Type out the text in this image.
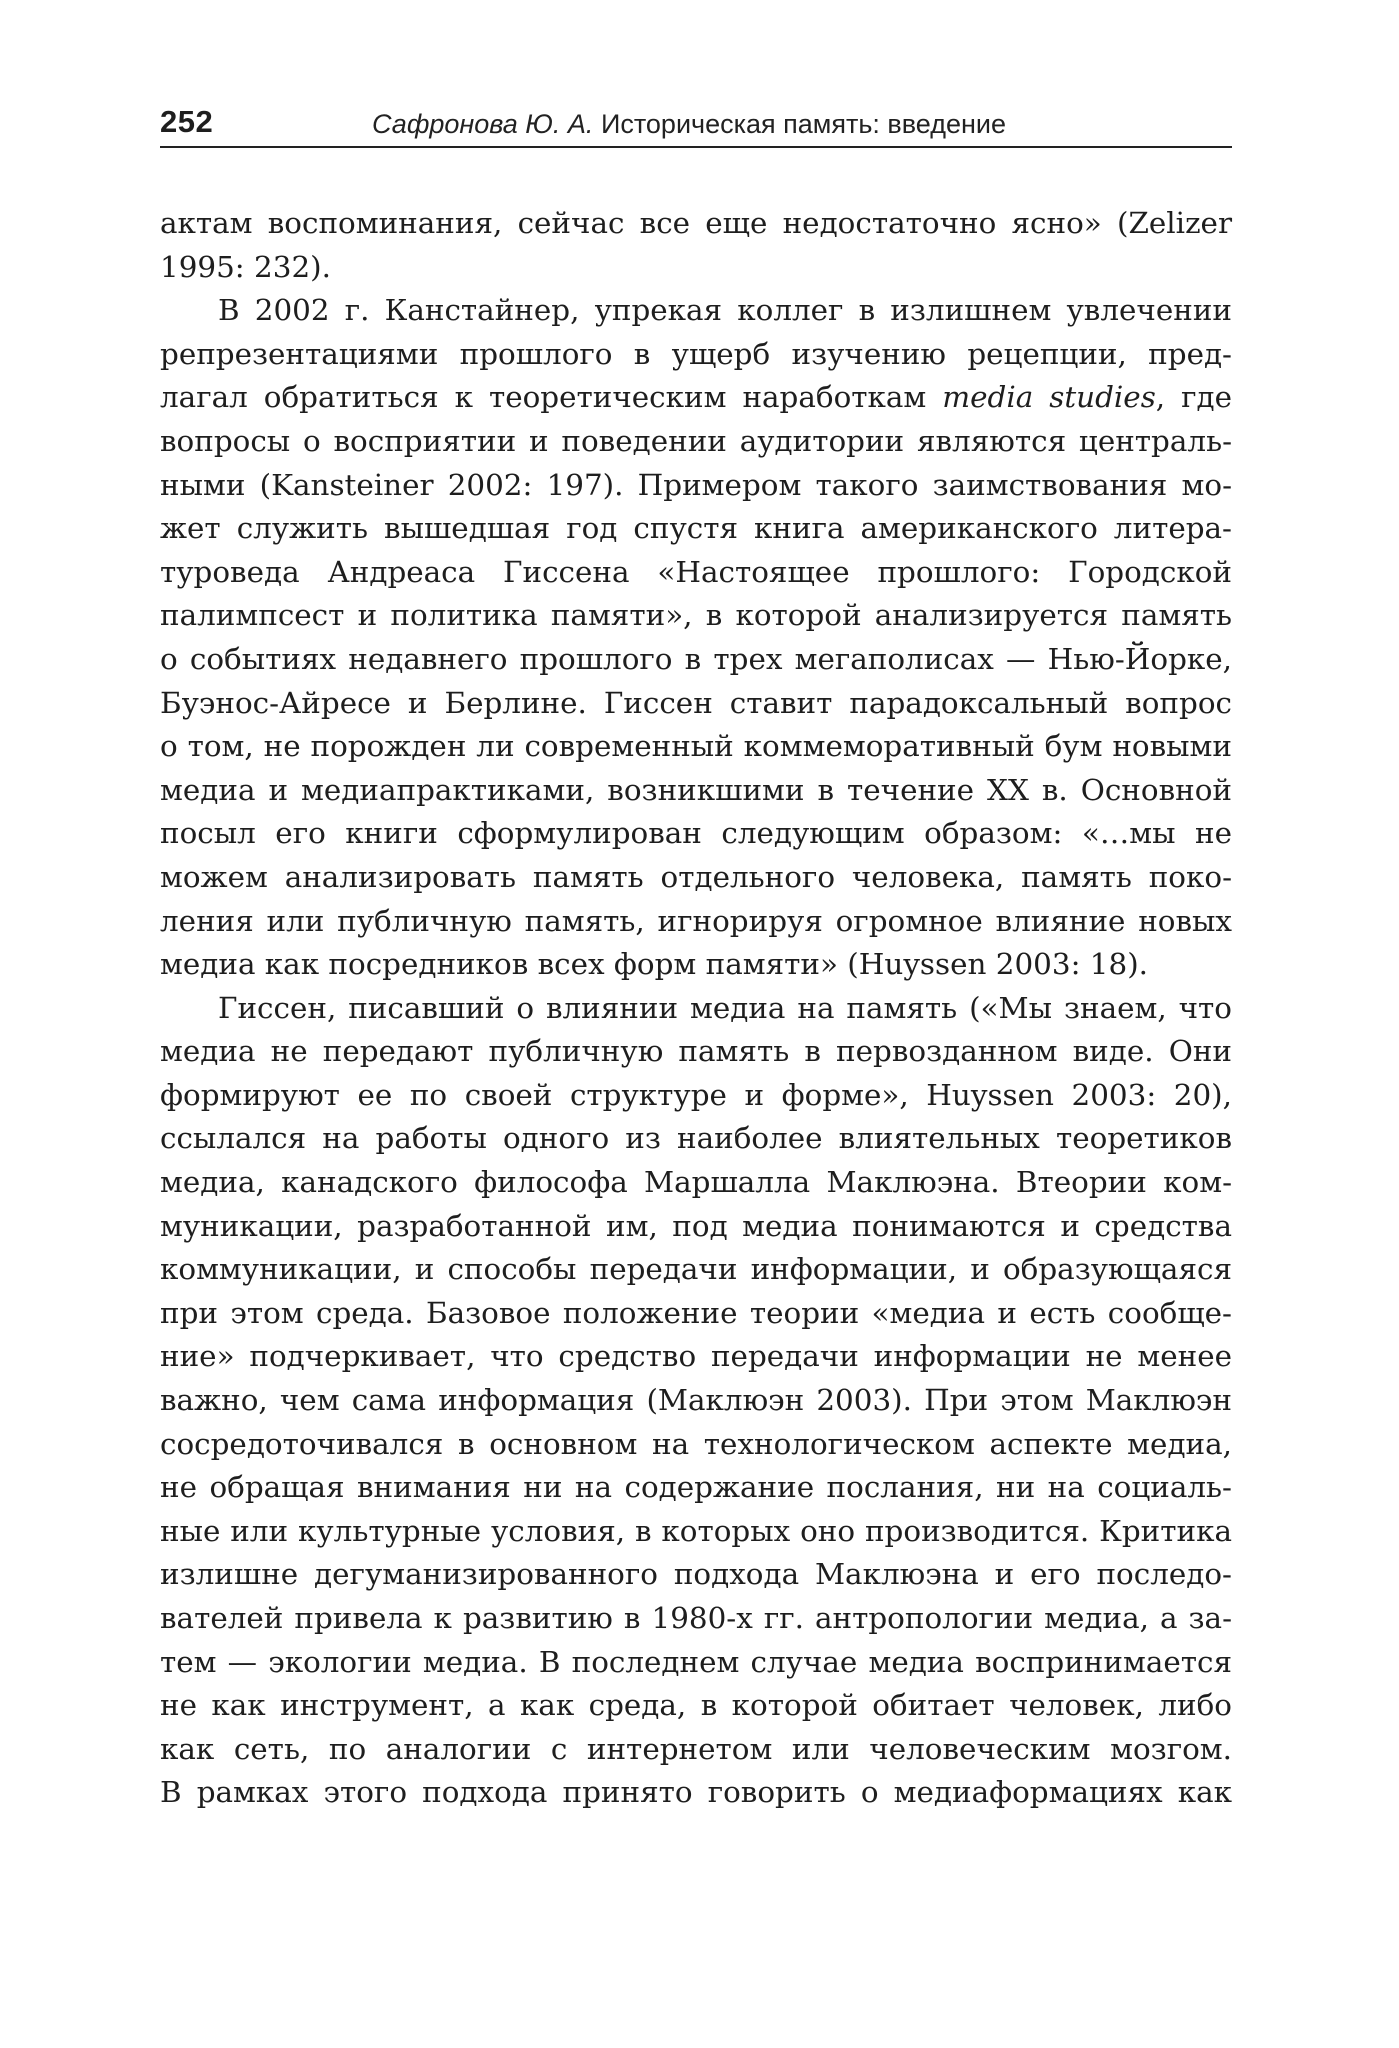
252	Сафронова Ю. А. Историческая память: введение
актам воспоминания, сейчас все еще недостаточно ясно» (Zelizer
1995: 232).
В 2002 г. Канстайнер, упрекая коллег в излишнем увлечении
репрезентациями прошлого в ущерб изучению рецепции, пред-
лагал обратиться к теоретическим наработкам media studies, где
вопросы о восприятии и поведении аудитории являются централь-
ными (Kansteiner 2002: 197). Примером такого заимствования мо-
жет служить вышедшая год спустя книга американского литера-
туроведа Андреаса Гиссена «Настоящее прошлого: Городской
палимпсест и политика памяти», в которой анализируется память
о событиях недавнего прошлого в трех мегаполисах — Нью-Йорке,
Буэнос-Айресе и Берлине. Гиссен ставит парадоксальный вопрос
о том, не порожден ли современный коммеморативный бум новыми
медиа и медиапрактиками, возникшими в течение XX в. Основной
посыл его книги сформулирован следующим образом: «…мы не
можем анализировать память отдельного человека, память поко-
ления или публичную память, игнорируя огромное влияние новых
медиа как посредников всех форм памяти» (Huyssen 2003: 18).
Гиссен, писавший о влиянии медиа на память («Мы знаем, что
медиа не передают публичную память в первозданном виде. Они
формируют ее по своей структуре и форме», Huyssen 2003: 20),
ссылался на работы одного из наиболее влиятельных теоретиков
медиа, канадского философа Маршалла Маклюэна. Втеории ком-
муникации, разработанной им, под медиа понимаются и средства
коммуникации, и способы передачи информации, и образующаяся
при этом среда. Базовое положение теории «медиа и есть сообще-
ние» подчеркивает, что средство передачи информации не менее
важно, чем сама информация (Маклюэн 2003). При этом Маклюэн
сосредоточивался в основном на технологическом аспекте медиа,
не обращая внимания ни на содержание послания, ни на социаль-
ные или культурные условия, в которых оно производится. Критика
излишне дегуманизированного подхода Маклюэна и его последо-
вателей привела к развитию в 1980-х гг. антропологии медиа, а за-
тем — экологии медиа. В последнем случае медиа воспринимается
не как инструмент, а как среда, в которой обитает человек, либо
как сеть, по аналогии с интернетом или человеческим мозгом.
В рамках этого подхода принято говорить о медиаформациях как
